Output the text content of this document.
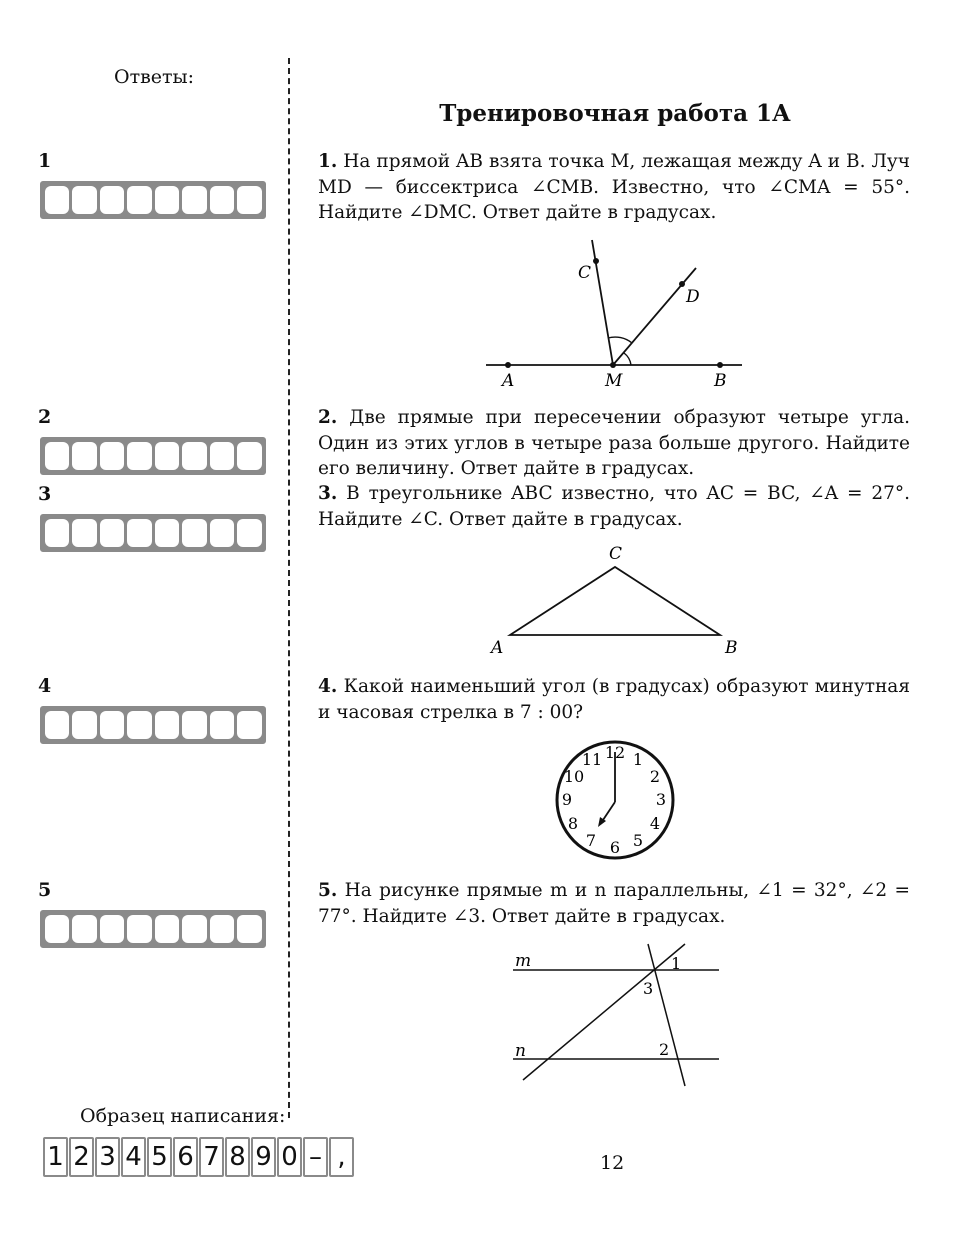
Ответы:
1
2
3
4
5
Тренировочная работа 1А
1. На прямой AB взята точка M, лежащая между A и B. Луч MD — биссектриса ∠CMB. Известно, что ∠CMA = 55°. Найдите ∠DMC. Ответ дайте в градусах.
2. Две прямые при пересечении образуют четыре угла. Один из этих углов в четыре раза больше другого. Найдите его величину. Ответ дайте в градусах.
3. В треугольнике ABC известно, что AC = BC, ∠A = 27°. Найдите ∠C. Ответ дайте в градусах.
4. Какой наименьший угол (в градусах) образуют минутная и часовая стрелка в 7 : 00?
5. На рисунке прямые m и n параллельны, ∠1 = 32°, ∠2 = 77°. Найдите ∠3. Ответ дайте в градусах.
C
D
A	M	B
C
A	B
12 1
2
3
4
5
6
7
8
9
10
11
m
n
1
2
3
Образец написания:
1 2 3 4 5 6 7 8 9 0 – ,	12
